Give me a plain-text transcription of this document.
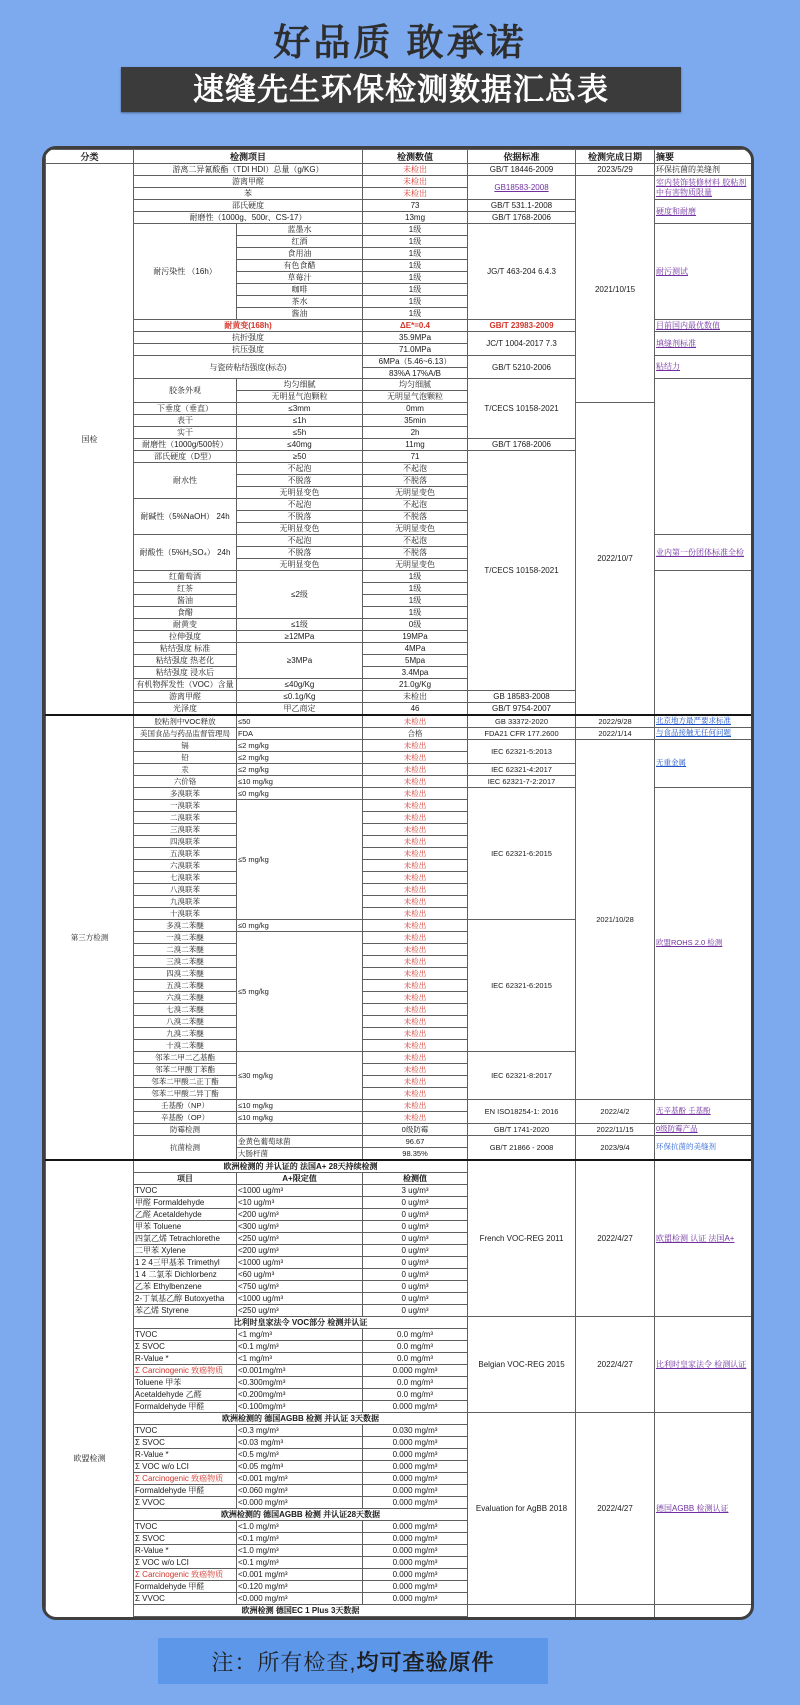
好品质 敢承诺
速缝先生环保检测数据汇总表
分类	检测项目		检测数值	依据标准	检测完成日期	摘要
国检	游离二异氰酸酯（TDI HDI）总量（g/KG）		未检出	GB/T 18446-2009	2023/5/29	环保抗菌的美缝剂
	游离甲醛		未检出	GB18583-2008	2021/10/15	室内装饰装修材料 胶粘剂中有害物质限量
	苯		未检出			
	邵氏硬度		73	GB/T 531.1-2008		硬度和耐磨
	耐磨性（1000g、500r、CS-17）		13mg	GB/T 1768-2006		
	耐污染性 （16h）	蓝墨水	1级	JG/T 463-204 6.4.3		耐污测试
		红酒	1级			
		食用油	1级			
		有色食醋	1级			
		草莓汁	1级			
		咖啡	1级			
		茶水	1级			
		酱油	1级			
	耐黄变(168h)		ΔE*=0.4	GB/T 23983-2009		目前国内最优数值
	抗折强度		35.9MPa	JC/T 1004-2017 7.3		填缝剂标准
	抗压强度		71.0MPa			
	与瓷砖粘结强度(标态)		6MPa（5.46~6.13）	GB/T 5210-2006		粘结力
			83%A 17%A/B			
	胶条外观	均匀细腻	均匀细腻	T/CECS 10158-2021		
		无明显气泡颗粒	无明显气泡颗粒			
	下垂度（垂直）	≤3mm	0mm		2022/10/7	
	表干	≤1h	35min			
	实干	≤5h	2h			
	耐磨性（1000g/500转）	≤40mg	11mg	GB/T 1768-2006		
	邵氏硬度（D型）	≥50	71	T/CECS 10158-2021		
	耐水性	不起泡	不起泡			
		不脱落	不脱落			
		无明显变色	无明显变色			
	耐碱性（5%NaOH） 24h	不起泡	不起泡			
		不脱落	不脱落			
		无明显变色	无明显变色			
	耐酸性（5%H₂SO₄） 24h	不起泡	不起泡			业内第一份团体标准全检
		不脱落	不脱落			
		无明显变色	无明显变色			
	红葡萄酒	≤2级	1级			
	红茶		1级			
	酱油		1级			
	食醋		1级			
	耐黄变	≤1级	0级			
	拉伸强度	≥12MPa	19MPa			
	粘结强度 标准	≥3MPa	4MPa			
	粘结强度 热老化		5Mpa			
	粘结强度 浸水后		3.4Mpa			
	有机物挥发性（VOC）含量	≤40g/Kg	21.0g/Kg			
	游离甲醛	≤0.1g/Kg	未检出	GB 18583-2008		
	光泽度	甲乙商定	46	GB/T 9754-2007		
第三方检测	胶粘剂中VOC释放	≤50	未检出	GB 33372-2020	2022/9/28	北京地方最严要求标准
	美国食品与药品监督管理局	FDA	合格	FDA21 CFR 177.2600	2022/1/14	与食品接触无任何问题
	镉	≤2 mg/kg	未检出	IEC 62321-5:2013	2021/10/28	无重金属
	铅	≤2 mg/kg	未检出			
	汞	≤2 mg/kg	未检出	IEC 62321-4:2017		
	六价铬	≤10 mg/kg	未检出	IEC 62321-7-2:2017		
	多溴联苯	≤0 mg/kg	未检出	IEC 62321-6:2015		欧盟ROHS 2.0 检测
	一溴联苯	≤5 mg/kg	未检出			
	二溴联苯		未检出			
	三溴联苯		未检出			
	四溴联苯		未检出			
	五溴联苯		未检出			
	六溴联苯		未检出			
	七溴联苯		未检出			
	八溴联苯		未检出			
	九溴联苯		未检出			
	十溴联苯		未检出			
	多溴二苯醚	≤0 mg/kg	未检出	IEC 62321-6:2015		
	一溴二苯醚	≤5 mg/kg	未检出			
	二溴二苯醚		未检出			
	三溴二苯醚		未检出			
	四溴二苯醚		未检出			
	五溴二苯醚		未检出			
	六溴二苯醚		未检出			
	七溴二苯醚		未检出			
	八溴二苯醚		未检出			
	九溴二苯醚		未检出			
	十溴二苯醚		未检出			
	邻苯二甲二乙基酯	≤30 mg/kg	未检出	IEC 62321-8:2017		
	邻苯二甲酸丁苯酯		未检出			
	邻苯二甲酸二正丁酯		未检出			
	邻苯二甲酸二异丁酯		未检出			
	壬基酚（NP）	≤10 mg/kg	未检出	EN ISO18254-1: 2016	2022/4/2	无辛基酚 壬基酚
	辛基酚（OP）	≤10 mg/kg	未检出			
	防霉检测		0级防霉	GB/T 1741-2020	2022/11/15	0级防霉产品
	抗菌检测	金黄色葡萄球菌	96.67	GB/T 21866 - 2008	2023/9/4	环保抗菌的美缝剂
		大肠杆菌	98.35%			
欧盟检测	欧洲检测的 并认证的 法国A+ 28天持续检测			French VOC-REG 2011	2022/4/27	欧盟检测 认证 法国A+
	项目	A+限定值	检测值			
	TVOC	<1000 ug/m³	3 ug/m³			
	甲醛 Formaldehyde	<10 ug/m³	0 ug/m³			
	乙醛 Acetaldehyde	<200 ug/m³	0 ug/m³			
	甲苯 Toluene	<300 ug/m³	0 ug/m³			
	四氯乙烯 Tetrachlorethe	<250 ug/m³	0 ug/m³			
	二甲苯 Xylene	<200 ug/m³	0 ug/m³			
	1 2 4三甲基苯 Trimethyl	<1000 ug/m³	0 ug/m³			
	1 4 二氯苯 Dichlorbenz	<60 ug/m³	0 ug/m³			
	乙苯 Ethylbenzene	<750 ug/m³	0 ug/m³			
	2-丁氧基乙醇 Butoxyetha	<1000 ug/m³	0 ug/m³			
	苯乙烯 Styrene	<250 ug/m³	0 ug/m³			
	比利时皇家法令 VOC部分 检测并认证			Belgian VOC-REG 2015	2022/4/27	比利时皇家法令 检测认证
	TVOC	<1 mg/m³	0.0 mg/m³			
	Σ SVOC	<0.1 mg/m³	0.0 mg/m³			
	R-Value *	<1 mg/m³	0.0 mg/m³			
	Σ Carcinogenic 致癌物质	<0.001mg/m³	0.000 mg/m³			
	Toluene 甲苯	<0.300mg/m³	0.0 mg/m³			
	Acetaldehyde 乙醛	<0.200mg/m³	0.0 mg/m³			
	Formaldehyde 甲醛	<0.100mg/m³	0.000 mg/m³			
	欧洲检测的 德国AGBB 检测 并认证 3天数据			Evaluation for AgBB 2018	2022/4/27	德国AGBB 检测认证
	TVOC	<0.3 mg/m³	0.030 mg/m³			
	Σ SVOC	<0.03 mg/m³	0.000 mg/m³			
	R-Value *	<0.5 mg/m³	0.000 mg/m³			
	Σ VOC w/o LCI	<0.05 mg/m³	0.000 mg/m³			
	Σ Carcinogenic 致癌物质	<0.001 mg/m³	0.000 mg/m³			
	Formaldehyde 甲醛	<0.060 mg/m³	0.000 mg/m³			
	Σ VVOC	<0.000 mg/m³	0.000 mg/m³			
	欧洲检测的 德国AGBB 检测 并认证28天数据					
	TVOC	<1.0 mg/m³	0.000 mg/m³			
	Σ SVOC	<0.1 mg/m³	0.000 mg/m³			
	R-Value *	<1.0 mg/m³	0.000 mg/m³			
	Σ VOC w/o LCI	<0.1 mg/m³	0.000 mg/m³			
	Σ Carcinogenic 致癌物质	<0.001 mg/m³	0.000 mg/m³			
	Formaldehyde 甲醛	<0.120 mg/m³	0.000 mg/m³			
	Σ VVOC	<0.000 mg/m³	0.000 mg/m³			
	欧洲检测 德国EC 1 Plus 3天数据			

注：所有检查, 均可查验原件
